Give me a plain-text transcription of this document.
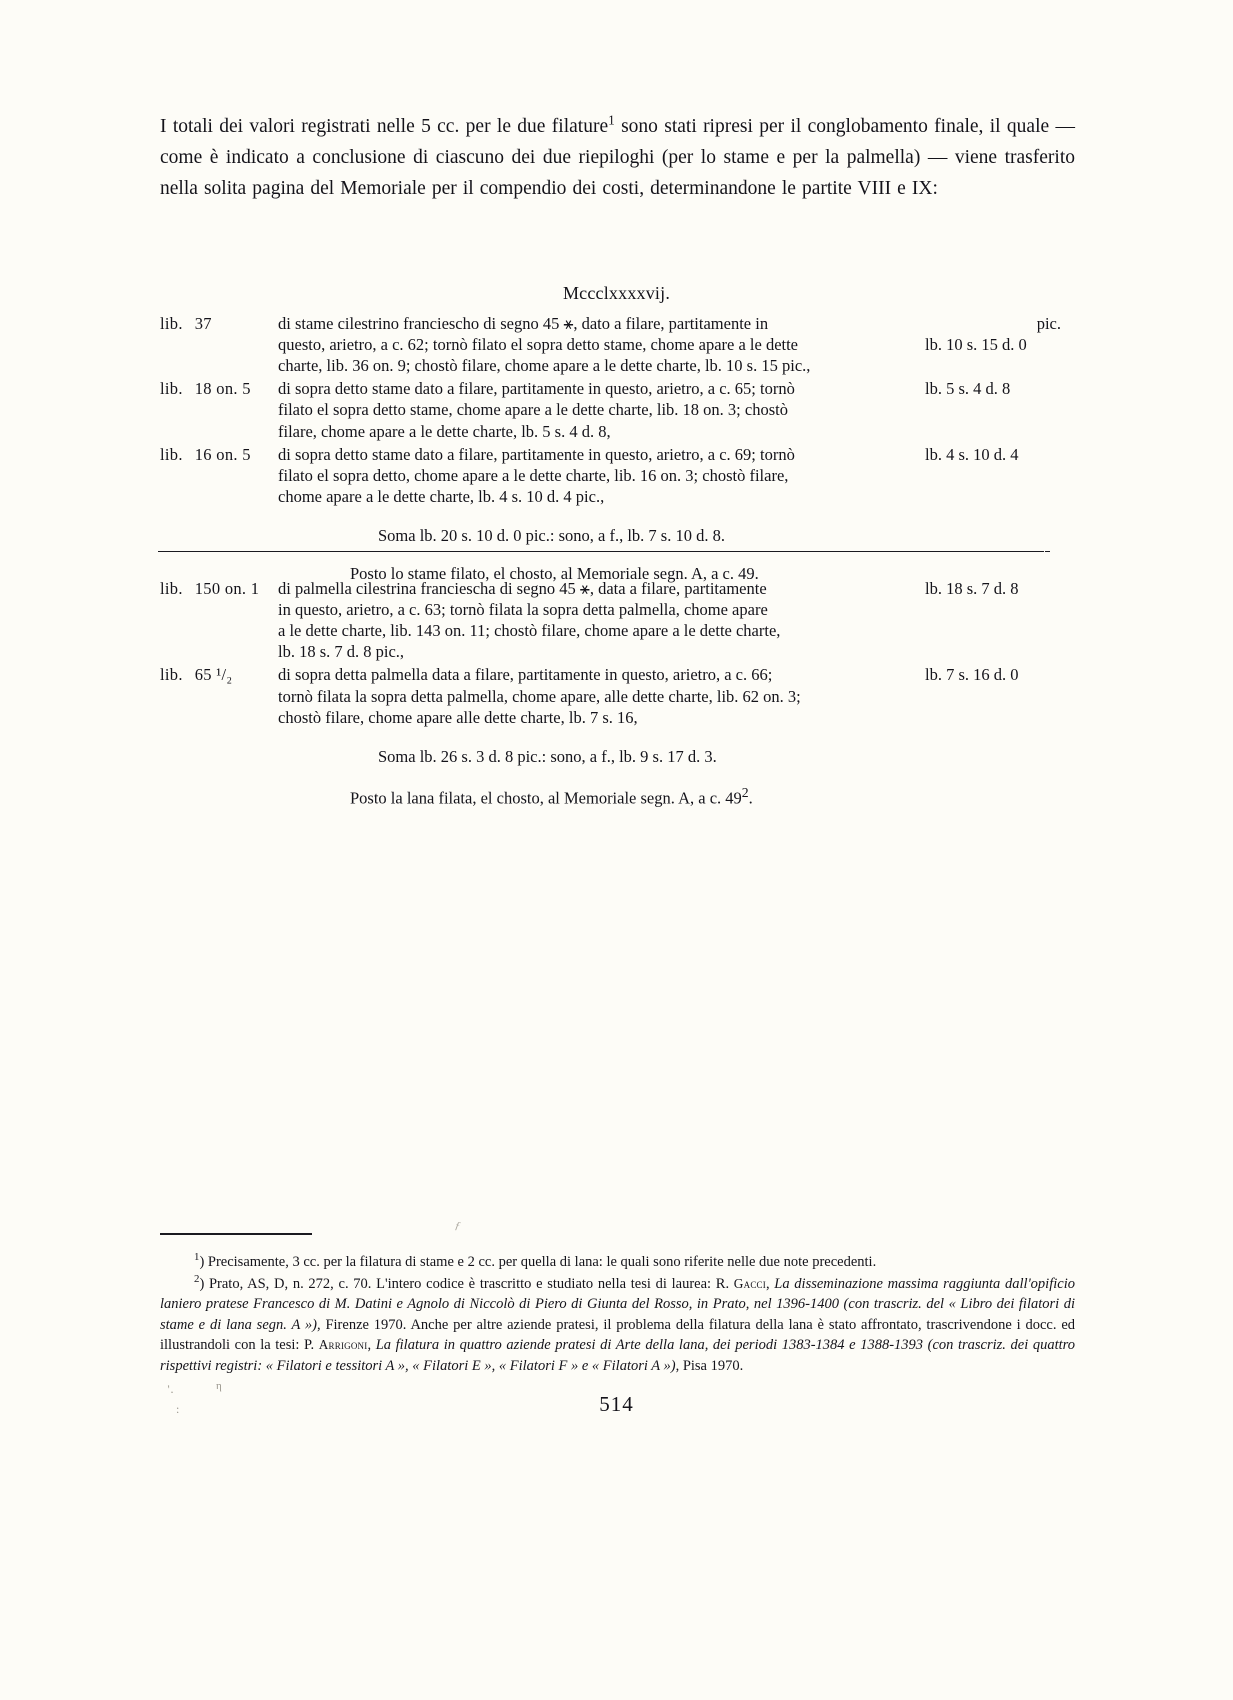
I totali dei valori registrati nelle 5 cc. per le due filature$^1$ sono stati ripresi per il conglobamento finale, il quale — come è indicato a conclusione di ciascuno dei due riepiloghi (per lo stame e per la palmella) — viene trasferito nella solita pagina del Memoriale per il compendio dei costi, determinandone le partite VIII e IX:
Mccclxxxxvij.
lib. 37	di stame cilestrino franciescho di segno 45 ⚹, dato a filare, partitamente in
questo, arietro, a c. 62; tornò filato el sopra detto stame, chome apare a le dette
charte, lib. 36 on. 9; chostò filare, chome apare a le dette charte, lb. 10 s. 15 pic.,
pic.
lb. 10 s. 15 d. 0
lib. 18 on. 5	di sopra detto stame dato a filare, partitamente in questo, arietro, a c. 65; tornò
filato el sopra detto stame, chome apare a le dette charte, lib. 18 on. 3; chostò
filare, chome apare a le dette charte, lb. 5 s. 4 d. 8,
lb. 5 s. 4 d. 8
lib. 16 on. 5	di sopra detto stame dato a filare, partitamente in questo, arietro, a c. 69; tornò
filato el sopra detto, chome apare a le dette charte, lib. 16 on. 3; chostò filare,
chome apare a le dette charte, lb. 4 s. 10 d. 4 pic.,
lb. 4 s. 10 d. 4
Soma lb. 20 s. 10 d. 0 pic.: sono, a f., lb. 7 s. 10 d. 8.
Posto lo stame filato, el chosto, al Memoriale segn. A, a c. 49.
lib. 150 on. 1	di palmella cilestrina franciescha di segno 45 ⚹, data a filare, partitamente
in questo, arietro, a c. 63; tornò filata la sopra detta palmella, chome apare
a le dette charte, lib. 143 on. 11; chostò filare, chome apare a le dette charte,
lb. 18 s. 7 d. 8 pic.,
lb. 18 s. 7 d. 8
lib. 65 ¹/₂	di sopra detta palmella data a filare, partitamente in questo, arietro, a c. 66;
tornò filata la sopra detta palmella, chome apare, alle dette charte, lib. 62 on. 3;
chostò filare, chome apare alle dette charte, lb. 7 s. 16,
lb. 7 s. 16 d. 0
Soma lb. 26 s. 3 d. 8 pic.: sono, a f., lb. 9 s. 17 d. 3.
Posto la lana filata, el chosto, al Memoriale segn. A, a c. $49^2$.

$^1$) Precisamente, 3 cc. per la filatura di stame e 2 cc. per quella di lana: le quali sono riferite nelle due note precedenti.

$^2$) Prato, AS, D, n. 272, c. 70. L'intero codice è trascritto e studiato nella tesi di laurea: R. Gacci, La disseminazione massima raggiunta dall'opificio laniero pratese Francesco di M. Datini e Agnolo di Niccolò di Piero di Giunta del Rosso, in Prato, nel 1396-1400 (con trascriz. del « Libro dei filatori di stame e di lana segn. A »), Firenze 1970. Anche per altre aziende pratesi, il problema della filatura della lana è stato affrontato, trascrivendone i docc. ed illustrandoli con la tesi: P. Arrigoni, La filatura in quattro aziende pratesi di Arte della lana, dei periodi 1383-1384 e 1388-1393 (con trascriz. dei quattro rispettivi registri: « Filatori e tessitori A », « Filatori E », « Filatori F » e « Filatori A »), Pisa 1970.

514
'.
:
η
ƒ
